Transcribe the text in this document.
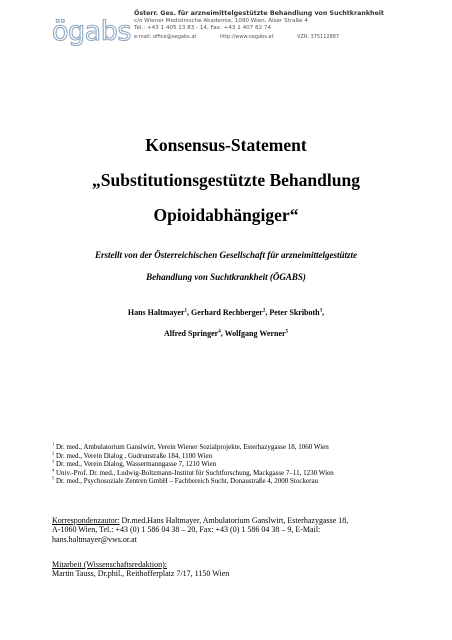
ögabs
Österr. Ges. für arzneimittelgestützte Behandlung von Suchtkrankheit
c/o Wiener Medizinische Akademie, 1090 Wien, Alser Straße 4
Tel.: +43 1 405 13 83 - 14, Fax: +43 1 407 82 74
e-mail: office@oegabs.at	http://www.oegabs.at	VZR: 375112887
Konsensus-Statement
„Substitutionsgestützte Behandlung
Opioidabhängiger“
Erstellt von der Österreichischen Gesellschaft für arzneimittelgestützte
Behandlung von Suchtkrankheit (ÖGABS)
Hans Haltmayer$^1$, Gerhard Rechberger$^2$, Peter Skriboth$^3$,
Alfred Springer$^4$, Wolfgang Werner$^5$
$^1$ Dr. med., Ambulatorium Ganslwirt, Verein Wiener Sozialprojekte, Esterhazygasse 18, 1060 Wien
$^2$ Dr. med., Verein Dialog , Gudrunstraße 184, 1100 Wien
$^3$ Dr. med., Verein Dialog, Wassermanngasse 7, 1210 Wien
$^4$ Univ.-Prof. Dr. med., Ludwig-Boltzmann-Institut für Suchtforschung, Mackgasse 7–11, 1230 Wien
$^5$ Dr. med., Psychosoziale Zentren GmbH – Fachbereich Sucht, Donaustraße 4, 2000 Stockerau
Korrespondenzautor: Dr.med.Hans Haltmayer, Ambulatorium Ganslwirt, Esterhazygasse 18,
A-1060 Wien, Tel.: +43 (0) 1 586 04 38 – 20, Fax: +43 (0) 1 586 04 38 – 9, E-Mail:
hans.haltmayer@vws.or.at
Mitarbeit (Wissenschaftsredaktion):
Martin Tauss, Dr.phil., Reithofferplatz 7/17, 1150 Wien
